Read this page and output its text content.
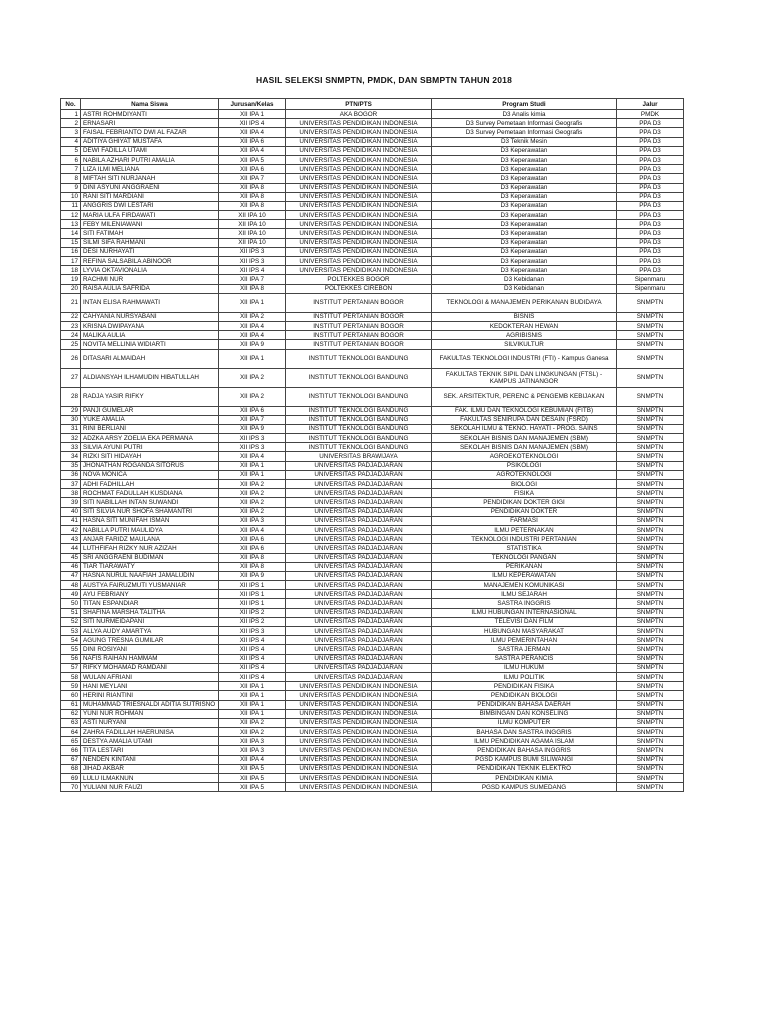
HASIL SELEKSI SNMPTN, PMDK, DAN SBMPTN TAHUN 2018
No.	Nama Siswa	Jurusan/Kelas	PTN/PTS	Program Studi	Jalur
1	ASTRI ROHMDIYANTI	XII IPA 1	AKA BOGOR	D3 Analis kimia	PMDK
2	ERNASARI	XII IPS 4	UNIVERSITAS PENDIDIKAN INDONESIA	D3 Survey Pemetaan Informasi Geografis	PPA D3
3	FAISAL FEBRIANTO DWI AL FAZAR	XII IPA 4	UNIVERSITAS PENDIDIKAN INDONESIA	D3 Survey Pemetaan Informasi Geografis	PPA D3
4	ADITIYA GHIYAT MUSTAFA	XII IPA 6	UNIVERSITAS PENDIDIKAN INDONESIA	D3 Teknik Mesin	PPA D3
5	DEWI FADILLA UTAMI	XII IPA 4	UNIVERSITAS PENDIDIKAN INDONESIA	D3 Keperawatan	PPA D3
6	NABILA AZHARI PUTRI AMALIA	XII IPA 5	UNIVERSITAS PENDIDIKAN INDONESIA	D3 Keperawatan	PPA D3
7	LIZA ILMI MELIANA	XII IPA 6	UNIVERSITAS PENDIDIKAN INDONESIA	D3 Keperawatan	PPA D3
8	MIFTAH SITI NURJANAH	XII IPA 7	UNIVERSITAS PENDIDIKAN INDONESIA	D3 Keperawatan	PPA D3
9	DINI ASYUNI ANGGRAENI	XII IPA 8	UNIVERSITAS PENDIDIKAN INDONESIA	D3 Keperawatan	PPA D3
10	RANI SITI MARDIANI	XII IPA 8	UNIVERSITAS PENDIDIKAN INDONESIA	D3 Keperawatan	PPA D3
11	ANGGRIS DWI LESTARI	XII IPA 8	UNIVERSITAS PENDIDIKAN INDONESIA	D3 Keperawatan	PPA D3
12	MARIA ULFA FIRDAWATI	XII IPA 10	UNIVERSITAS PENDIDIKAN INDONESIA	D3 Keperawatan	PPA D3
13	FEBY MILENIAWANI	XII IPA 10	UNIVERSITAS PENDIDIKAN INDONESIA	D3 Keperawatan	PPA D3
14	SITI FATIMAH	XII IPA 10	UNIVERSITAS PENDIDIKAN INDONESIA	D3 Keperawatan	PPA D3
15	SILMI SIFA RAHMANI	XII IPA 10	UNIVERSITAS PENDIDIKAN INDONESIA	D3 Keperawatan	PPA D3
16	DESI NURHAYATI	XII IPS 3	UNIVERSITAS PENDIDIKAN INDONESIA	D3 Keperawatan	PPA D3
17	REFINA SALSABILA ABINOOR	XII IPS 3	UNIVERSITAS PENDIDIKAN INDONESIA	D3 Keperawatan	PPA D3
18	LYVIA OKTAVIONALIA	XII IPS 4	UNIVERSITAS PENDIDIKAN INDONESIA	D3 Keperawatan	PPA D3
19	RACHMI NUR	XII IPA 7	POLTEKKES BOGOR	D3 Kebidanan	Sipenmaru
20	RAISA AULIA SAFRIDA	XII IPA 8	POLTEKKES CIREBON	D3 Kebidanan	Sipenmaru
21	INTAN ELISA RAHMAWATI	XII IPA 1	INSTITUT PERTANIAN BOGOR	TEKNOLOGI & MANAJEMEN PERIKANAN BUDIDAYA	SNMPTN
22	CAHYANIA NURSYABANI	XII IPA 2	INSTITUT PERTANIAN BOGOR	BISNIS	SNMPTN
23	KRISNA DWIPAYANA	XII IPA 4	INSTITUT PERTANIAN BOGOR	KEDOKTERAN HEWAN	SNMPTN
24	MALIKA AULIA	XII IPA 4	INSTITUT PERTANIAN BOGOR	AGRIBISNIS	SNMPTN
25	NOVITA MELLINIA WIDIARTI	XII IPA 9	INSTITUT PERTANIAN BOGOR	SILVIKULTUR	SNMPTN
26	DITASARI ALMAIDAH	XII IPA 1	INSTITUT TEKNOLOGI BANDUNG	FAKULTAS TEKNOLOGI INDUSTRI (FTI) - Kampus Ganesa	SNMPTN
27	ALDIANSYAH ILHAMUDIN HIBATULLAH	XII IPA 2	INSTITUT TEKNOLOGI BANDUNG	FAKULTAS TEKNIK SIPIL DAN LINGKUNGAN (FTSL) - KAMPUS JATINANGOR	SNMPTN
28	RADJA YASIR RIFKY	XII IPA 2	INSTITUT TEKNOLOGI BANDUNG	SEK. ARSITEKTUR, PERENC & PENGEMB KEBIJAKAN	SNMPTN
29	PANJI GUMELAR	XII IPA 6	INSTITUT TEKNOLOGI BANDUNG	FAK. ILMU DAN TEKNOLOGI KEBUMIAN (FITB)	SNMPTN
30	YUKE AMALIA	XII IPA 7	INSTITUT TEKNOLOGI BANDUNG	FAKULTAS SENIRUPA DAN DESAIN (FSRD)	SNMPTN
31	RINI BERLIANI	XII IPA 9	INSTITUT TEKNOLOGI BANDUNG	SEKOLAH ILMU & TEKNO. HAYATI - PROG. SAINS	SNMPTN
32	ADZKA ARSY ZOELIA EKA PERMANA	XII IPS 3	INSTITUT TEKNOLOGI BANDUNG	SEKOLAH BISNIS DAN MANAJEMEN (SBM)	SNMPTN
33	SILVIA AYUNI PUTRI	XII IPS 3	INSTITUT TEKNOLOGI BANDUNG	SEKOLAH BISNIS DAN MANAJEMEN (SBM)	SNMPTN
34	RIZKI SITI HIDAYAH	XII IPA 4	UNIVERSITAS BRAWIJAYA	AGROEKOTEKNOLOGI	SNMPTN
35	JHONATHAN ROGANDA SITORUS	XII IPA 1	UNIVERSITAS PADJADJARAN	PSIKOLOGI	SNMPTN
36	NOVA MONICA	XII IPA 1	UNIVERSITAS PADJADJARAN	AGROTEKNOLOGI	SNMPTN
37	ADHI FADHILLAH	XII IPA 2	UNIVERSITAS PADJADJARAN	BIOLOGI	SNMPTN
38	ROCHMAT FADULLAH KUSDIANA	XII IPA 2	UNIVERSITAS PADJADJARAN	FISIKA	SNMPTN
39	SITI NABILLAH INTAN SUWANDI	XII IPA 2	UNIVERSITAS PADJADJARAN	PENDIDIKAN DOKTER GIGI	SNMPTN
40	SITI SILVIA NUR SHOFA SHAMANTRI	XII IPA 2	UNIVERSITAS PADJADJARAN	PENDIDIKAN DOKTER	SNMPTN
41	HASNA SITI MUNIFAH ISMAN	XII IPA 3	UNIVERSITAS PADJADJARAN	FARMASI	SNMPTN
42	NABILLA PUTRI MAULIDYA	XII IPA 4	UNIVERSITAS PADJADJARAN	ILMU PETERNAKAN	SNMPTN
43	ANJAR FARIDZ MAULANA	XII IPA 6	UNIVERSITAS PADJADJARAN	TEKNOLOGI INDUSTRI PERTANIAN	SNMPTN
44	LUTHFIFAH RIZKY NUR AZIZAH	XII IPA 6	UNIVERSITAS PADJADJARAN	STATISTIKA	SNMPTN
45	SRI ANGGRAENI BUDIMAN	XII IPA 8	UNIVERSITAS PADJADJARAN	TEKNOLOGI PANGAN	SNMPTN
46	TIAR TIARAWATY	XII IPA 8	UNIVERSITAS PADJADJARAN	PERIKANAN	SNMPTN
47	HASNA NURUL NAAFIAH JAMALUDIN	XII IPA 9	UNIVERSITAS PADJADJARAN	ILMU KEPERAWATAN	SNMPTN
48	AUSTYA FAIRUZMUTI YUSMANIAR	XII IPS 1	UNIVERSITAS PADJADJARAN	MANAJEMEN KOMUNIKASI	SNMPTN
49	AYU FEBRIANY	XII IPS 1	UNIVERSITAS PADJADJARAN	ILMU SEJARAH	SNMPTN
50	TITAN ESPANDIAR	XII IPS 1	UNIVERSITAS PADJADJARAN	SASTRA INGGRIS	SNMPTN
51	SHAFINA MARSHA TALITHA	XII IPS 2	UNIVERSITAS PADJADJARAN	ILMU HUBUNGAN INTERNASIONAL	SNMPTN
52	SITI NURMEIDAPANI	XII IPS 2	UNIVERSITAS PADJADJARAN	TELEVISI DAN FILM	SNMPTN
53	ALLYA AUDY AMARTYA	XII IPS 3	UNIVERSITAS PADJADJARAN	HUBUNGAN MASYARAKAT	SNMPTN
54	AGUNG TRESNA GUMILAR	XII IPS 4	UNIVERSITAS PADJADJARAN	ILMU PEMERINTAHAN	SNMPTN
55	DINI ROSIYANI	XII IPS 4	UNIVERSITAS PADJADJARAN	SASTRA JERMAN	SNMPTN
56	NAFIS RAIHAN HAMMAM	XII IPS 4	UNIVERSITAS PADJADJARAN	SASTRA PERANCIS	SNMPTN
57	RIFKY MOHAMAD RAMDANI	XII IPS 4	UNIVERSITAS PADJADJARAN	ILMU HUKUM	SNMPTN
58	WULAN AFRIANI	XII IPS 4	UNIVERSITAS PADJADJARAN	ILMU POLITIK	SNMPTN
59	HANI MEYLANI	XII IPA 1	UNIVERSITAS PENDIDIKAN INDONESIA	PENDIDIKAN FISIKA	SNMPTN
60	HERINI RIANTINI	XII IPA 1	UNIVERSITAS PENDIDIKAN INDONESIA	PENDIDIKAN BIOLOGI	SNMPTN
61	MUHAMMAD TRIESNALDI ADITIA SUTRISNO	XII IPA 1	UNIVERSITAS PENDIDIKAN INDONESIA	PENDIDIKAN BAHASA DAERAH	SNMPTN
62	YUNI NUR ROHMAN	XII IPA 1	UNIVERSITAS PENDIDIKAN INDONESIA	BIMBINGAN DAN KONSELING	SNMPTN
63	ASTI NURYANI	XII IPA 2	UNIVERSITAS PENDIDIKAN INDONESIA	ILMU KOMPUTER	SNMPTN
64	ZAHRA FADILLAH HAERUNISA	XII IPA 2	UNIVERSITAS PENDIDIKAN INDONESIA	BAHASA DAN SASTRA INGGRIS	SNMPTN
65	DESTYA AMALIA UTAMI	XII IPA 3	UNIVERSITAS PENDIDIKAN INDONESIA	ILMU PENDIDIKAN AGAMA ISLAM	SNMPTN
66	TITA LESTARI	XII IPA 3	UNIVERSITAS PENDIDIKAN INDONESIA	PENDIDIKAN BAHASA INGGRIS	SNMPTN
67	NENDEN KINTANI	XII IPA 4	UNIVERSITAS PENDIDIKAN INDONESIA	PGSD KAMPUS BUMI SILIWANGI	SNMPTN
68	JIHAD AKBAR	XII IPA 5	UNIVERSITAS PENDIDIKAN INDONESIA	PENDIDIKAN TEKNIK ELEKTRO	SNMPTN
69	LULU ILMAKNUN	XII IPA 5	UNIVERSITAS PENDIDIKAN INDONESIA	PENDIDIKAN KIMIA	SNMPTN
70	YULIANI NUR FAUZI	XII IPA 5	UNIVERSITAS PENDIDIKAN INDONESIA	PGSD KAMPUS SUMEDANG	SNMPTN
